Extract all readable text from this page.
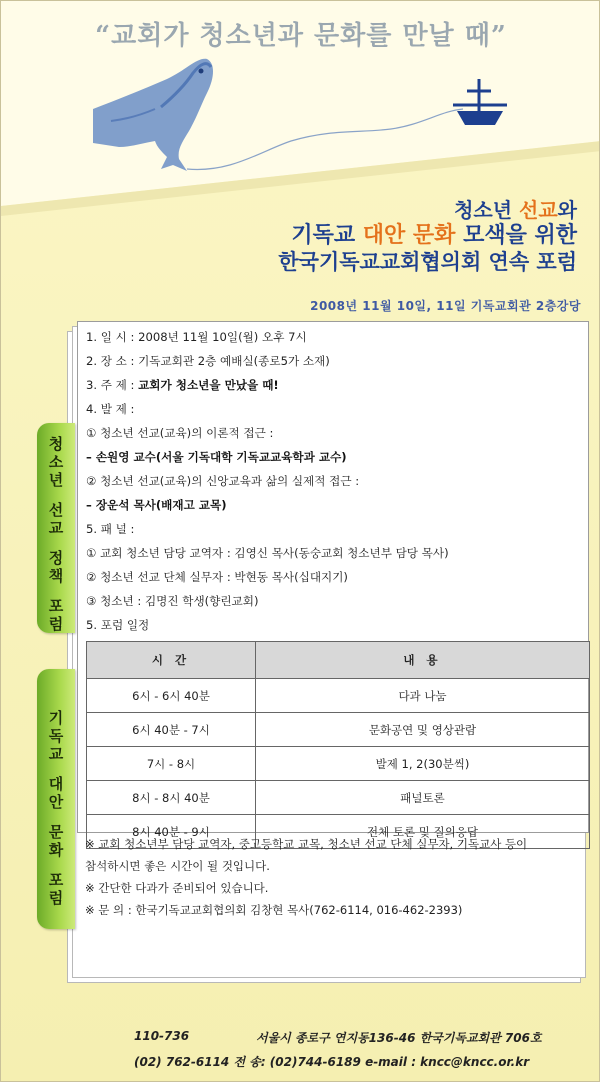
“교회가 청소년과 문화를 만날 때”
청소년 선교와
기독교 대안 문화 모색을 위한
한국기독교교회협의회 연속 포럼
2008년 11월 10일, 11일 기독교회관 2층강당
청
소
년
선
교
정
책
포
럼
기
독
교
대
안
문
화
포
럼
1. 일 시 : 2008년 11월 10일(월) 오후 7시
2. 장 소 : 기독교회관 2층 예배실(종로5가 소재)
3. 주 제 : 교회가 청소년을 만났을 때!
4. 발 제 :
① 청소년 선교(교육)의 이론적 접근 :
– 손원영 교수(서울 기독대학 기독교교육학과 교수)
② 청소년 선교(교육)의 신앙교육과 삶의 실제적 접근 :
– 장운석 목사(배재고 교목)
5. 패 널 :
① 교회 청소년 담당 교역자 : 김영신 목사(동숭교회 청소년부 담당 목사)
② 청소년 선교 단체 실무자 : 박현동 목사(십대지기)
③ 청소년 : 김명진 학생(향린교회)
5. 포럼 일정
시 간	내 용
6시 - 6시 40분	다과 나눔
6시 40분 - 7시	문화공연 및 영상관람
7시 - 8시	발제 1, 2(30분씩)
8시 - 8시 40분	패널토론
8시 40분 - 9시	전체 토론 및 질의응답
※ 교회 청소년부 담당 교역자, 중고등학교 교목, 청소년 선교 단체 실무자, 기독교사 등이
참석하시면 좋은 시간이 될 것입니다.
※ 간단한 다과가 준비되어 있습니다.
※ 문 의 : 한국기독교교회협의회 김창현 목사(762-6114, 016-462-2393)
110-736	서울시 종로구 연지동136-46 한국기독교회관 706호
(02) 762-6114 전 송: (02)744-6189 e-mail : kncc@kncc.or.kr
